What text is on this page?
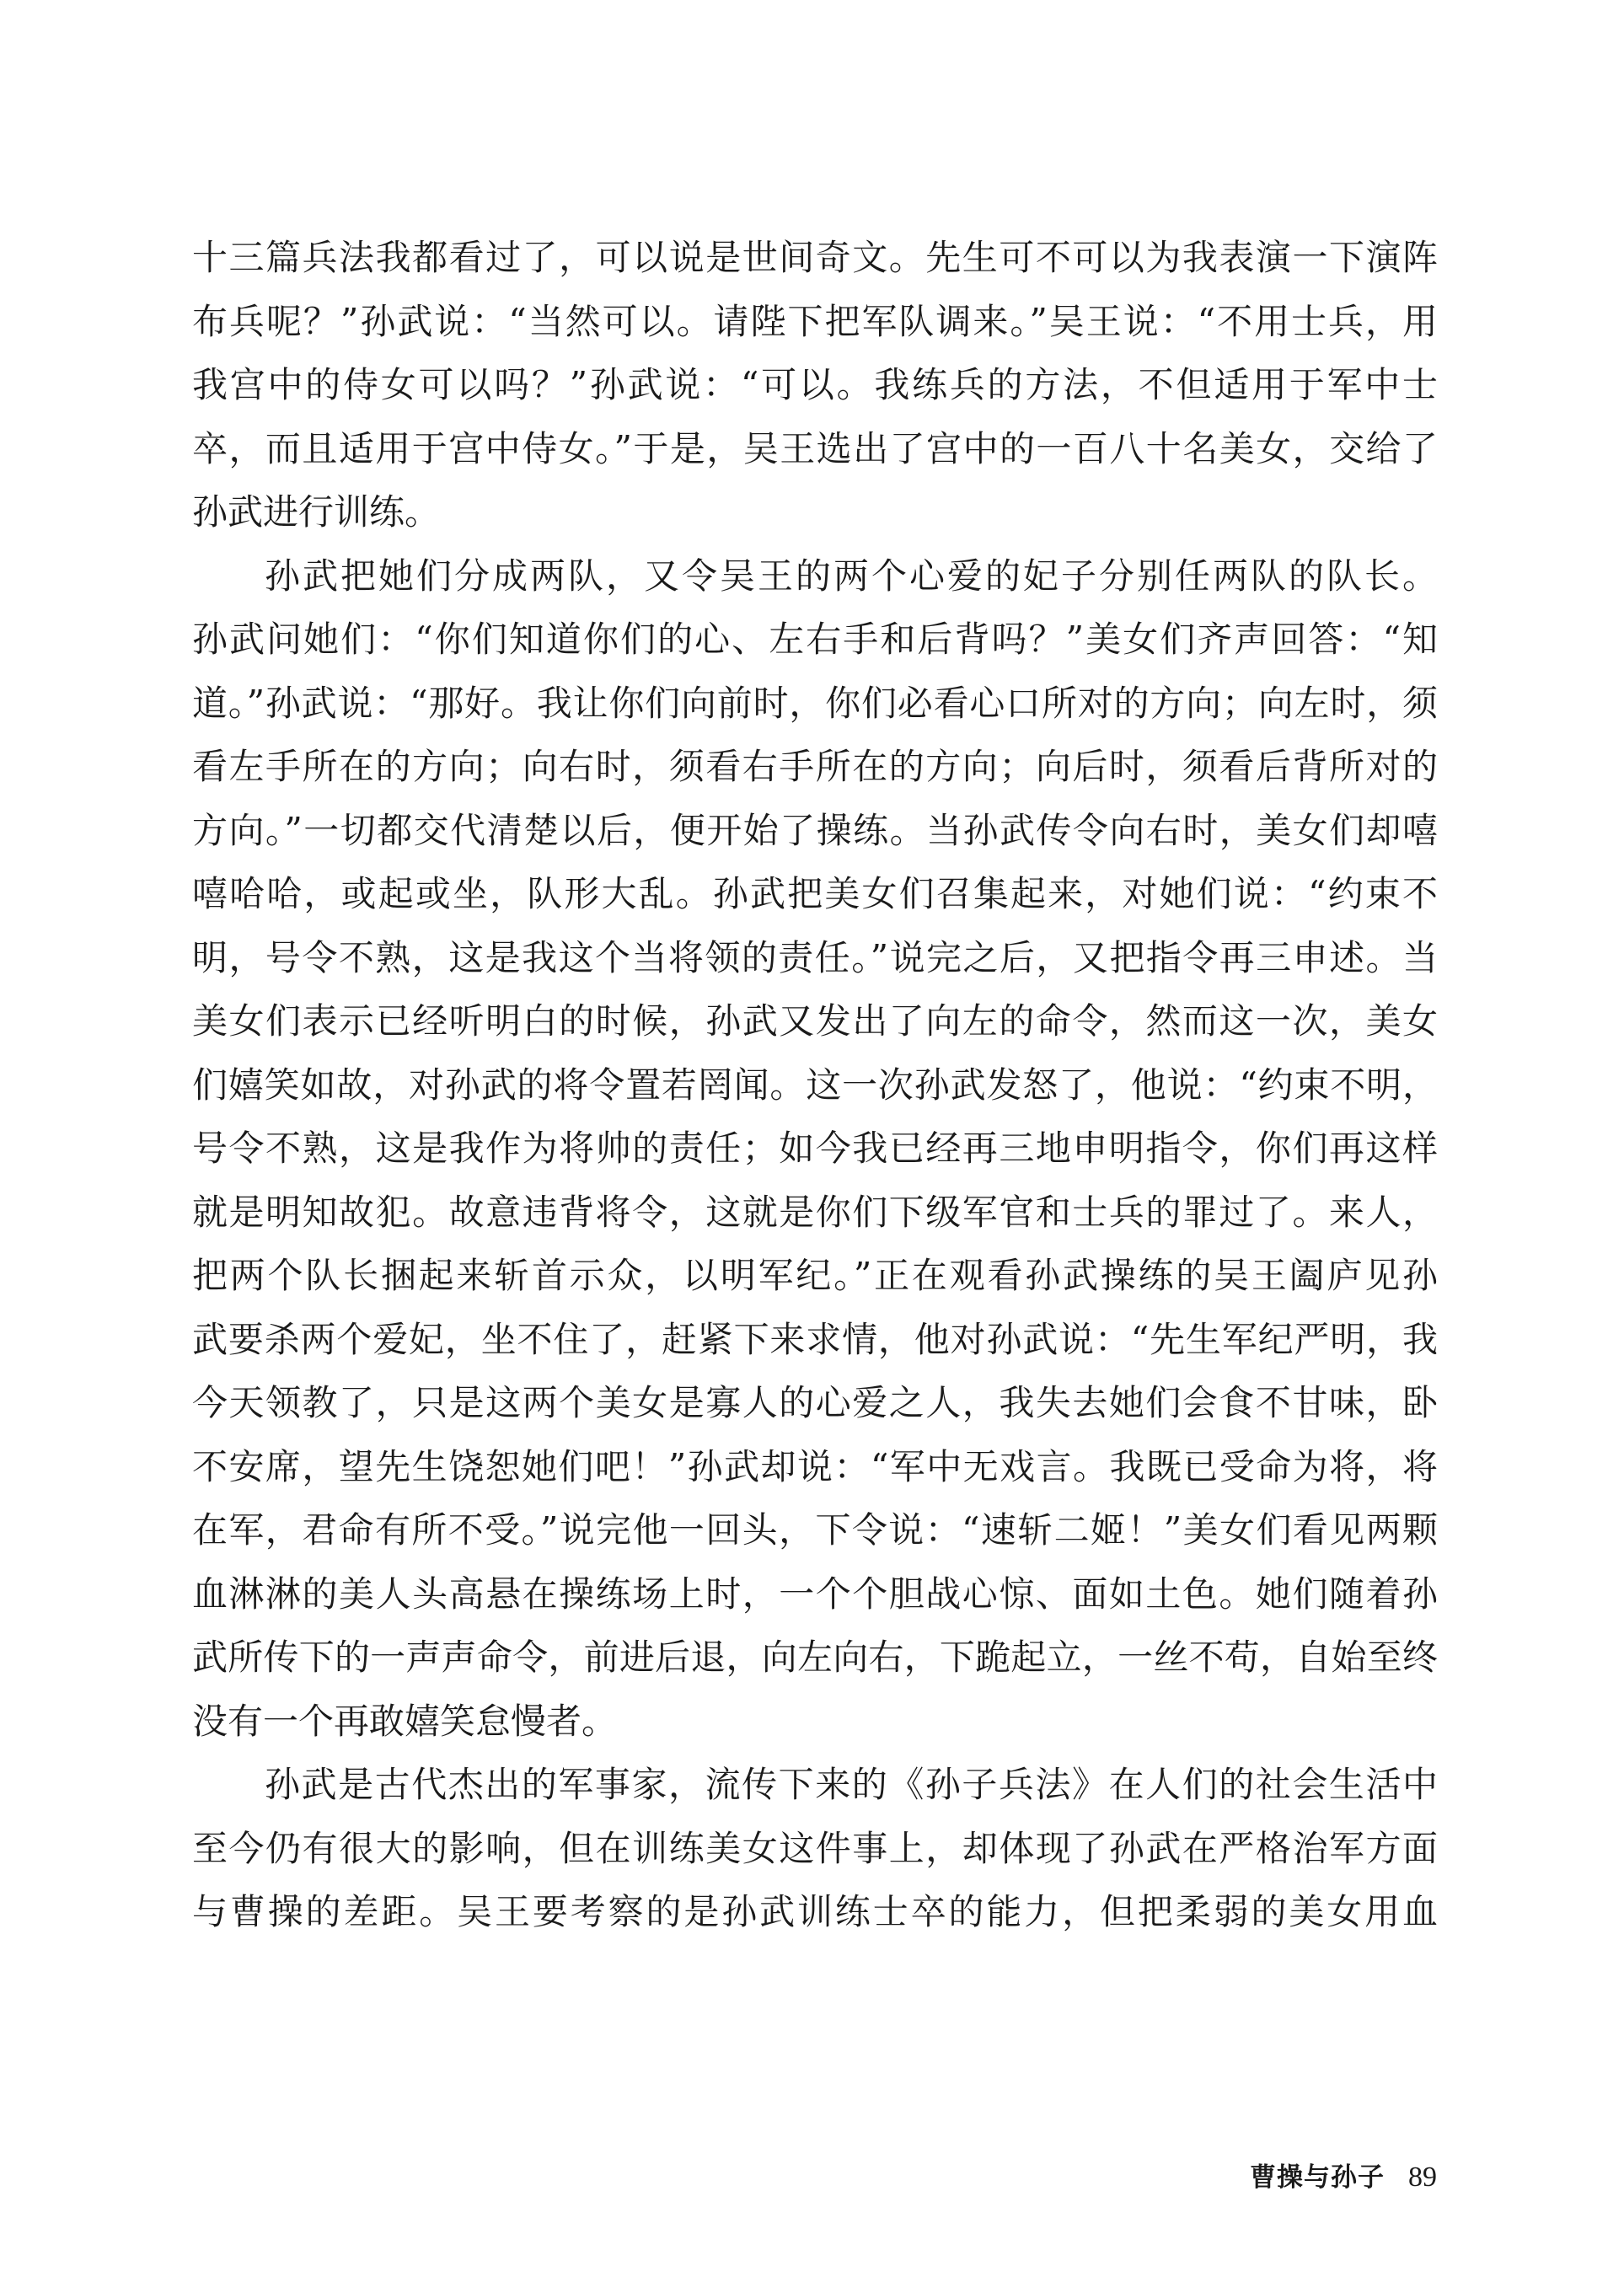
十三篇兵法我都看过了，可以说是世间奇文。先生可不可以为我表演一下演阵
布兵呢？”孙武说：“当然可以。请陛下把军队调来。”吴王说：“不用士兵，用
我宫中的侍女可以吗？”孙武说：“可以。我练兵的方法，不但适用于军中士
卒，而且适用于宫中侍女。”于是，吴王选出了宫中的一百八十名美女，交给了
孙武进行训练。

孙武把她们分成两队，又令吴王的两个心爱的妃子分别任两队的队长。
孙武问她们：“你们知道你们的心、左右手和后背吗？”美女们齐声回答：“知
道。”孙武说：“那好。我让你们向前时，你们必看心口所对的方向；向左时，须
看左手所在的方向；向右时，须看右手所在的方向；向后时，须看后背所对的
方向。”一切都交代清楚以后，便开始了操练。当孙武传令向右时，美女们却嘻
嘻哈哈，或起或坐，队形大乱。孙武把美女们召集起来，对她们说：“约束不
明，号令不熟，这是我这个当将领的责任。”说完之后，又把指令再三申述。当
美女们表示已经听明白的时候，孙武又发出了向左的命令，然而这一次，美女
们嬉笑如故，对孙武的将令置若罔闻。这一次孙武发怒了，他说：“约束不明，
号令不熟，这是我作为将帅的责任；如今我已经再三地申明指令，你们再这样
就是明知故犯。故意违背将令，这就是你们下级军官和士兵的罪过了。来人，
把两个队长捆起来斩首示众，以明军纪。”正在观看孙武操练的吴王阖庐见孙
武要杀两个爱妃，坐不住了，赶紧下来求情，他对孙武说：“先生军纪严明，我
今天领教了，只是这两个美女是寡人的心爱之人，我失去她们会食不甘味，卧
不安席，望先生饶恕她们吧！”孙武却说：“军中无戏言。我既已受命为将，将
在军，君命有所不受。”说完他一回头，下令说：“速斩二姬！”美女们看见两颗
血淋淋的美人头高悬在操练场上时，一个个胆战心惊、面如土色。她们随着孙
武所传下的一声声命令，前进后退，向左向右，下跪起立，一丝不苟，自始至终
没有一个再敢嬉笑怠慢者。

孙武是古代杰出的军事家，流传下来的《孙子兵法》在人们的社会生活中
至今仍有很大的影响，但在训练美女这件事上，却体现了孙武在严格治军方面
与曹操的差距。吴王要考察的是孙武训练士卒的能力，但把柔弱的美女用血

曹操与孙子 89
